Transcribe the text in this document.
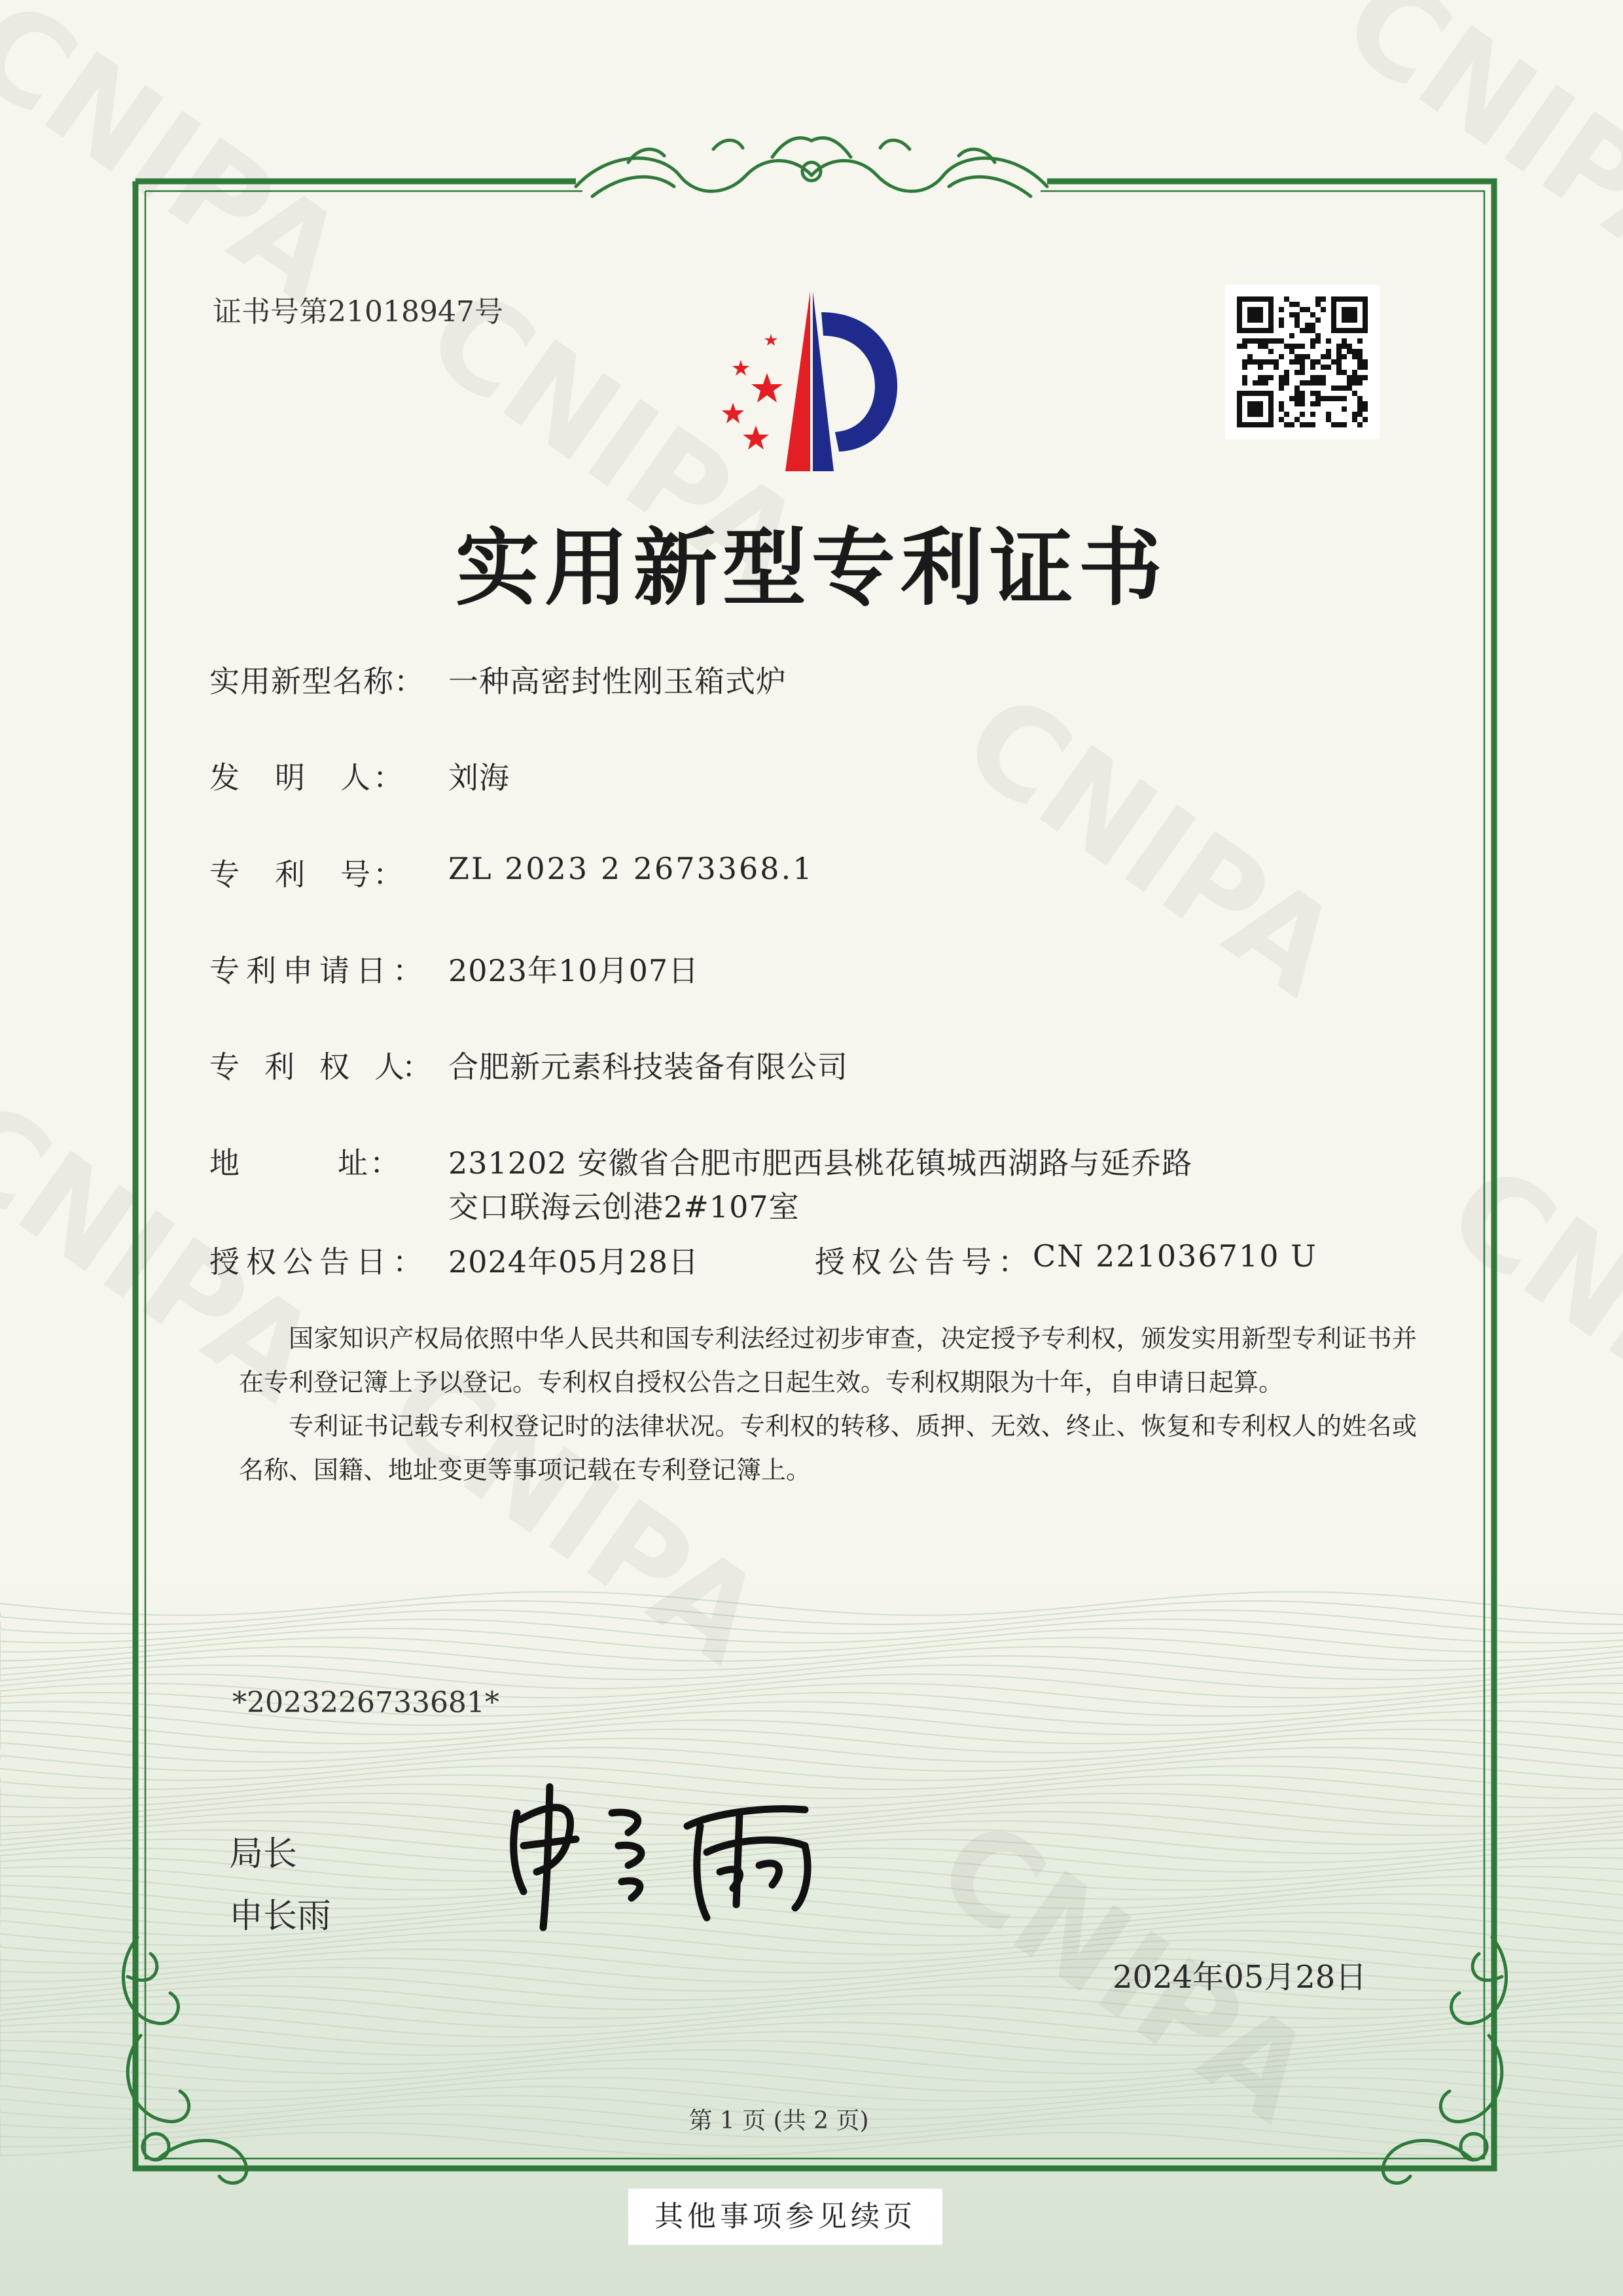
证书号第21018947号
实用新型专利证书
实用新型名称： 一种高密封性刚玉箱式炉
发　明　人： 刘海
专　利　号： ZL 2023 2 2673368.1
专利申请日： 2023年10月07日
专　利　权　人： 合肥新元素科技装备有限公司
地　　　址： 231202 安徽省合肥市肥西县桃花镇城西湖路与延乔路
交口联海云创港2#107室
授权公告日： 2024年05月28日	授权公告号：
CN 221036710 U

国家知识产权局依照中华人民共和国专利法经过初步审查，决定授予专利权，颁发实用新型专利证书并在专利登记簿上予以登记。专利权自授权公告之日起生效。专利权期限为十年，自申请日起算。

专利证书记载专利权登记时的法律状况。专利权的转移、质押、无效、终止、恢复和专利权人的姓名或名称、国籍、地址变更等事项记载在专利登记簿上。

*2023226733681*
局长
申长雨
2024年05月28日
第 1 页 (共 2 页)
其他事项参见续页
